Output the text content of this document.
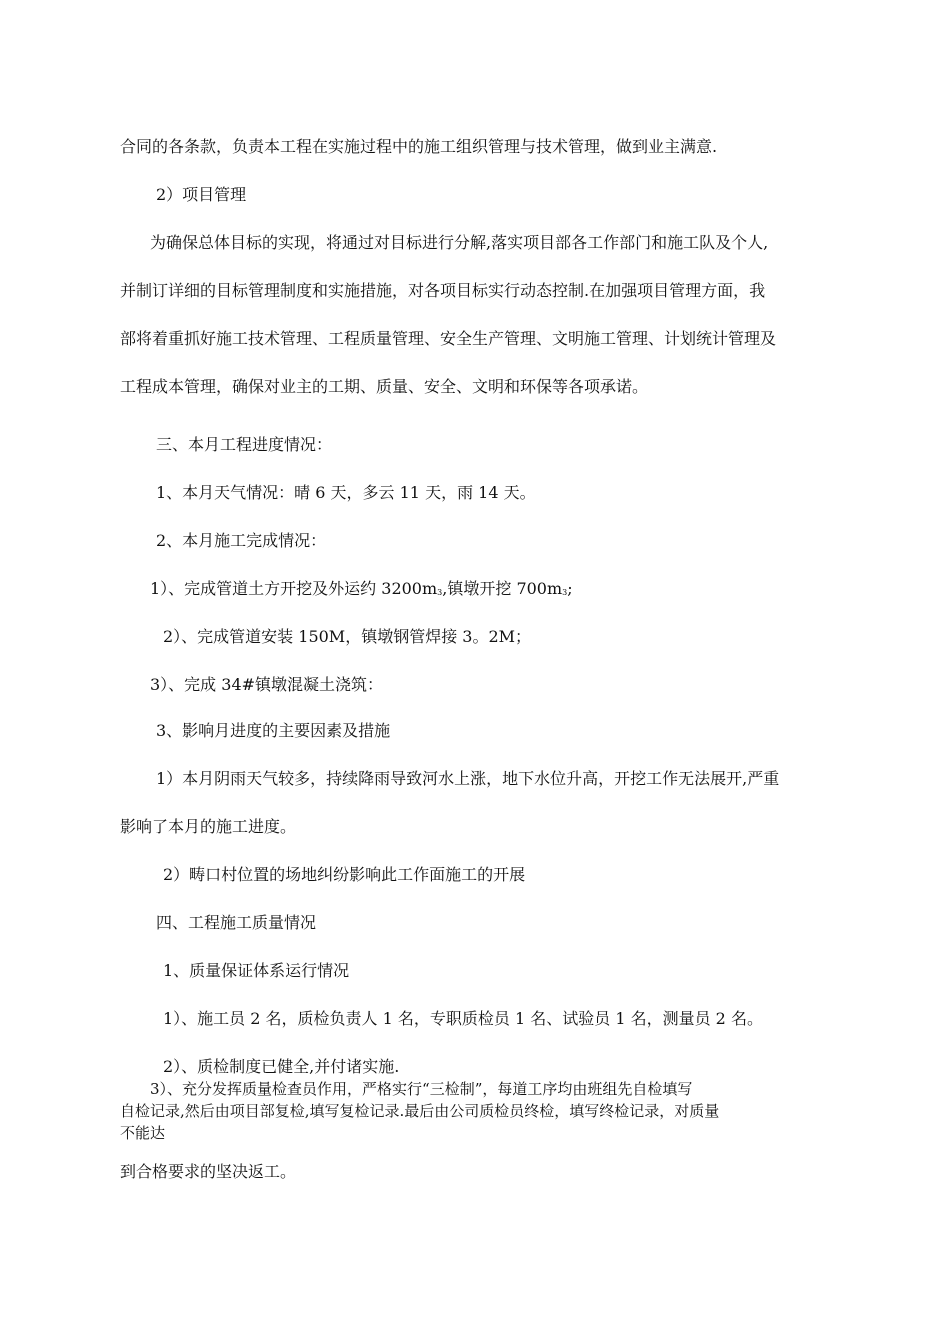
合同的各条款，负责本工程在实施过程中的施工组织管理与技术管理，做到业主满意.
2）项目管理
为确保总体目标的实现，将通过对目标进行分解,落实项目部各工作部门和施工队及个人,
并制订详细的目标管理制度和实施措施，对各项目标实行动态控制.在加强项目管理方面，我
部将着重抓好施工技术管理、工程质量管理、安全生产管理、文明施工管理、计划统计管理及
工程成本管理，确保对业主的工期、质量、安全、文明和环保等各项承诺。
三、本月工程进度情况：
1、本月天气情况：晴 6 天，多云 11 天，雨 14 天。
2、本月施工完成情况：
1）、完成管道土方开挖及外运约 $3200m_3$,镇墩开挖 $700m_3$;
2）、完成管道安装 150M，镇墩钢管焊接 3。2M；
3）、完成 34#镇墩混凝土浇筑：
3、影响月进度的主要因素及措施
1）本月阴雨天气较多，持续降雨导致河水上涨，地下水位升高，开挖工作无法展开,严重
影响了本月的施工进度。
2）畴口村位置的场地纠纷影响此工作面施工的开展
四、工程施工质量情况
1、质量保证体系运行情况
1）、施工员 2 名，质检负责人 1 名，专职质检员 1 名、试验员 1 名，测量员 2 名。
2）、质检制度已健全,并付诸实施.
3）、充分发挥质量检查员作用，严格实行“三检制”，每道工序均由班组先自检填写
自检记录,然后由项目部复检,填写复检记录.最后由公司质检员终检，填写终检记录，对质量
不能达
到合格要求的坚决返工。
